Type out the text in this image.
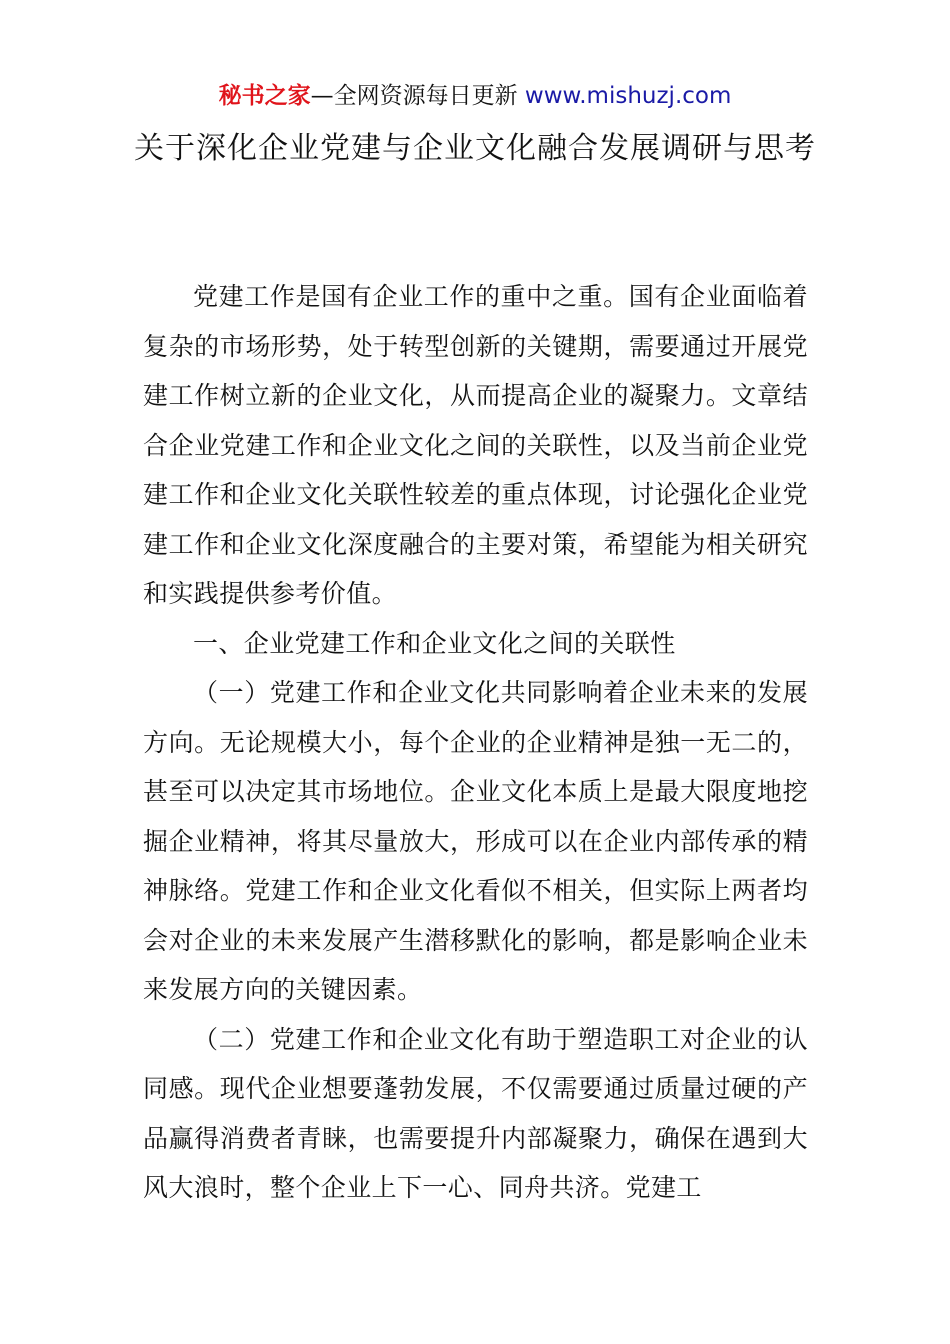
秘书之家—全网资源每日更新 www.mishuzj.com
关于深化企业党建与企业文化融合发展调研与思考

党建工作是国有企业工作的重中之重。国有企业面临着复杂的市场形势，处于转型创新的关键期，需要通过开展党建工作树立新的企业文化，从而提高企业的凝聚力。文章结合企业党建工作和企业文化之间的关联性，以及当前企业党建工作和企业文化关联性较差的重点体现，讨论强化企业党建工作和企业文化深度融合的主要对策，希望能为相关研究和实践提供参考价值。

一、企业党建工作和企业文化之间的关联性

（一）党建工作和企业文化共同影响着企业未来的发展方向。无论规模大小，每个企业的企业精神是独一无二的，甚至可以决定其市场地位。企业文化本质上是最大限度地挖掘企业精神，将其尽量放大，形成可以在企业内部传承的精神脉络。党建工作和企业文化看似不相关，但实际上两者均会对企业的未来发展产生潜移默化的影响，都是影响企业未来发展方向的关键因素。

（二）党建工作和企业文化有助于塑造职工对企业的认同感。现代企业想要蓬勃发展，不仅需要通过质量过硬的产品赢得消费者青睐，也需要提升内部凝聚力，确保在遇到大风大浪时，整个企业上下一心、同舟共济。党建工
